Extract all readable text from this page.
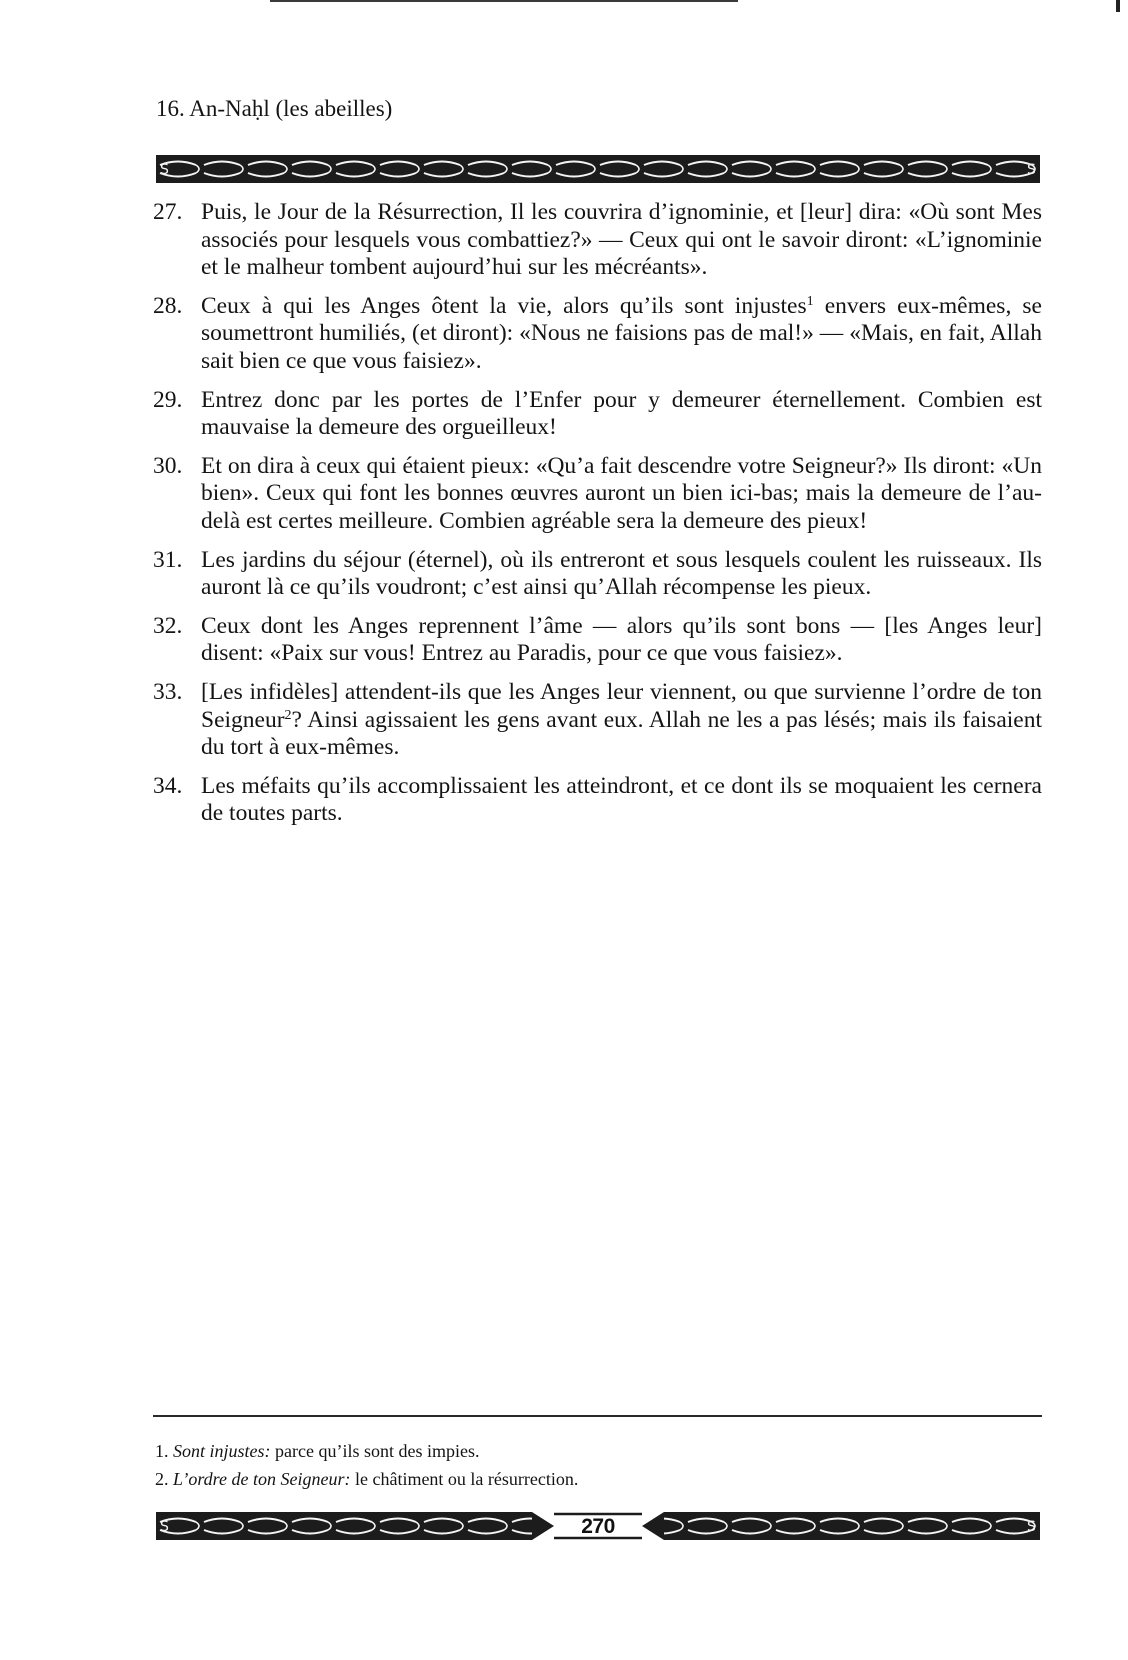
16. An-Naḥl (les abeilles)
S	S
27. Puis, le Jour de la Résurrection, Il les couvrira d’ignominie, et [leur] dira: «Où sont Mes associés pour lesquels vous combattiez?» — Ceux qui ont le savoir diront: «L’ignominie et le malheur tombent aujourd’hui sur les mécréants».
28. Ceux à qui les Anges ôtent la vie, alors qu’ils sont injustes$^1$ envers eux-mêmes, se soumettront humiliés, (et diront): «Nous ne faisions pas de mal!» — «Mais, en fait, Allah sait bien ce que vous faisiez».
29. Entrez donc par les portes de l’Enfer pour y demeurer éternellement. Combien est mauvaise la demeure des orgueilleux!
30. Et on dira à ceux qui étaient pieux: «Qu’a fait descendre votre Seigneur?» Ils diront: «Un bien». Ceux qui font les bonnes œuvres auront un bien ici-bas; mais la demeure de l’au-delà est certes meilleure. Combien agréable sera la demeure des pieux!
31. Les jardins du séjour (éternel), où ils entreront et sous lesquels coulent les ruisseaux. Ils auront là ce qu’ils voudront; c’est ainsi qu’Allah récompense les pieux.
32. Ceux dont les Anges reprennent l’âme — alors qu’ils sont bons — [les Anges leur] disent: «Paix sur vous! Entrez au Paradis, pour ce que vous faisiez».
33. [Les infidèles] attendent-ils que les Anges leur viennent, ou que survienne l’ordre de ton Seigneur$^2$? Ainsi agissaient les gens avant eux. Allah ne les a pas lésés; mais ils faisaient du tort à eux-mêmes.
34. Les méfaits qu’ils accomplissaient les atteindront, et ce dont ils se moquaient les cernera de toutes parts.
1. Sont injustes: parce qu’ils sont des impies.
2. L’ordre de ton Seigneur: le châtiment ou la résurrection.
S	S
270
